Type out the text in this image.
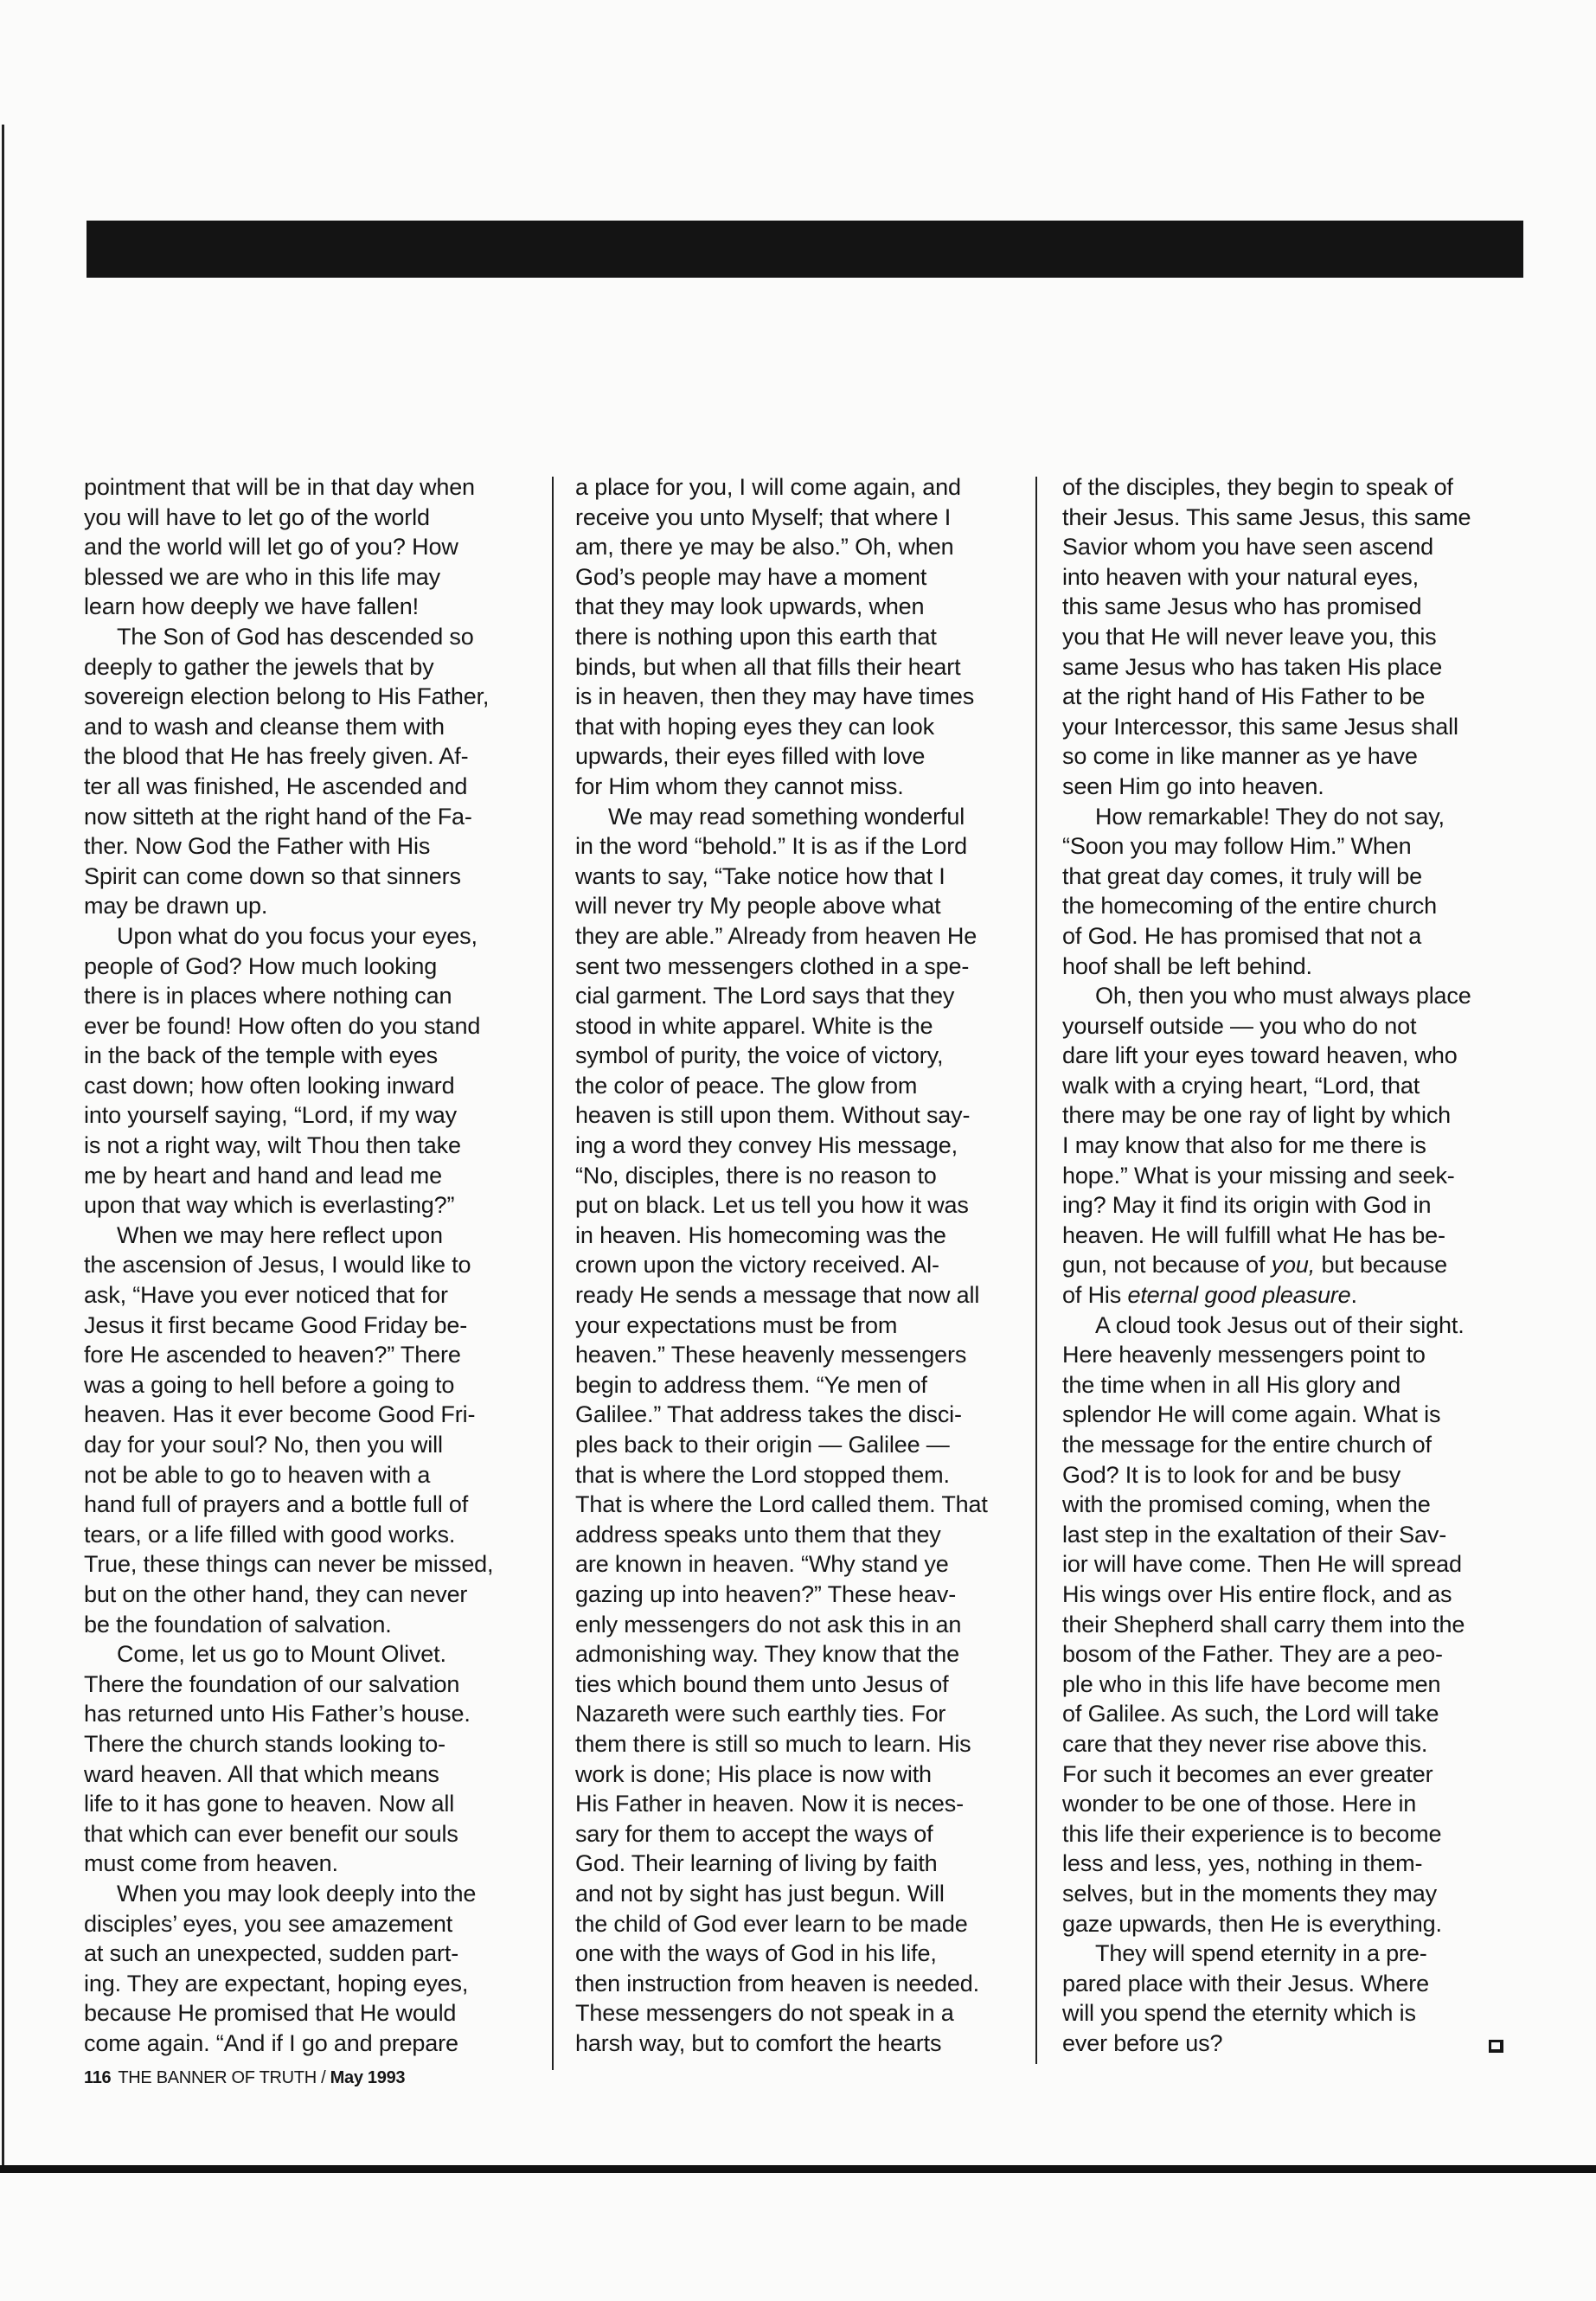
pointment that will be in that day when
you will have to let go of the world
and the world will let go of you? How
blessed we are who in this life may
learn how deeply we have fallen!
The Son of God has descended so
deeply to gather the jewels that by
sovereign election belong to His Father,
and to wash and cleanse them with
the blood that He has freely given. Af-
ter all was finished, He ascended and
now sitteth at the right hand of the Fa-
ther. Now God the Father with His
Spirit can come down so that sinners
may be drawn up.
Upon what do you focus your eyes,
people of God? How much looking
there is in places where nothing can
ever be found! How often do you stand
in the back of the temple with eyes
cast down; how often looking inward
into yourself saying, “Lord, if my way
is not a right way, wilt Thou then take
me by heart and hand and lead me
upon that way which is everlasting?”
When we may here reflect upon
the ascension of Jesus, I would like to
ask, “Have you ever noticed that for
Jesus it first became Good Friday be-
fore He ascended to heaven?” There
was a going to hell before a going to
heaven. Has it ever become Good Fri-
day for your soul? No, then you will
not be able to go to heaven with a
hand full of prayers and a bottle full of
tears, or a life filled with good works.
True, these things can never be missed,
but on the other hand, they can never
be the foundation of salvation.
Come, let us go to Mount Olivet.
There the foundation of our salvation
has returned unto His Father’s house.
There the church stands looking to-
ward heaven. All that which means
life to it has gone to heaven. Now all
that which can ever benefit our souls
must come from heaven.
When you may look deeply into the
disciples’ eyes, you see amazement
at such an unexpected, sudden part-
ing. They are expectant, hoping eyes,
because He promised that He would
come again. “And if I go and prepare
a place for you, I will come again, and
receive you unto Myself; that where I
am, there ye may be also.” Oh, when
God’s people may have a moment
that they may look upwards, when
there is nothing upon this earth that
binds, but when all that fills their heart
is in heaven, then they may have times
that with hoping eyes they can look
upwards, their eyes filled with love
for Him whom they cannot miss.
We may read something wonderful
in the word “behold.” It is as if the Lord
wants to say, “Take notice how that I
will never try My people above what
they are able.” Already from heaven He
sent two messengers clothed in a spe-
cial garment. The Lord says that they
stood in white apparel. White is the
symbol of purity, the voice of victory,
the color of peace. The glow from
heaven is still upon them. Without say-
ing a word they convey His message,
“No, disciples, there is no reason to
put on black. Let us tell you how it was
in heaven. His homecoming was the
crown upon the victory received. Al-
ready He sends a message that now all
your expectations must be from
heaven.” These heavenly messengers
begin to address them. “Ye men of
Galilee.” That address takes the disci-
ples back to their origin — Galilee —
that is where the Lord stopped them.
That is where the Lord called them. That
address speaks unto them that they
are known in heaven. “Why stand ye
gazing up into heaven?” These heav-
enly messengers do not ask this in an
admonishing way. They know that the
ties which bound them unto Jesus of
Nazareth were such earthly ties. For
them there is still so much to learn. His
work is done; His place is now with
His Father in heaven. Now it is neces-
sary for them to accept the ways of
God. Their learning of living by faith
and not by sight has just begun. Will
the child of God ever learn to be made
one with the ways of God in his life,
then instruction from heaven is needed.
These messengers do not speak in a
harsh way, but to comfort the hearts
of the disciples, they begin to speak of
their Jesus. This same Jesus, this same
Savior whom you have seen ascend
into heaven with your natural eyes,
this same Jesus who has promised
you that He will never leave you, this
same Jesus who has taken His place
at the right hand of His Father to be
your Intercessor, this same Jesus shall
so come in like manner as ye have
seen Him go into heaven.
How remarkable! They do not say,
“Soon you may follow Him.” When
that great day comes, it truly will be
the homecoming of the entire church
of God. He has promised that not a
hoof shall be left behind.
Oh, then you who must always place
yourself outside — you who do not
dare lift your eyes toward heaven, who
walk with a crying heart, “Lord, that
there may be one ray of light by which
I may know that also for me there is
hope.” What is your missing and seek-
ing? May it find its origin with God in
heaven. He will fulfill what He has be-
gun, not because of you, but because
of His eternal good pleasure.
A cloud took Jesus out of their sight.
Here heavenly messengers point to
the time when in all His glory and
splendor He will come again. What is
the message for the entire church of
God? It is to look for and be busy
with the promised coming, when the
last step in the exaltation of their Sav-
ior will have come. Then He will spread
His wings over His entire flock, and as
their Shepherd shall carry them into the
bosom of the Father. They are a peo-
ple who in this life have become men
of Galilee. As such, the Lord will take
care that they never rise above this.
For such it becomes an ever greater
wonder to be one of those. Here in
this life their experience is to become
less and less, yes, nothing in them-
selves, but in the moments they may
gaze upwards, then He is everything.
They will spend eternity in a pre-
pared place with their Jesus. Where
will you spend the eternity which is
ever before us?
116 THE BANNER OF TRUTH / May 1993
